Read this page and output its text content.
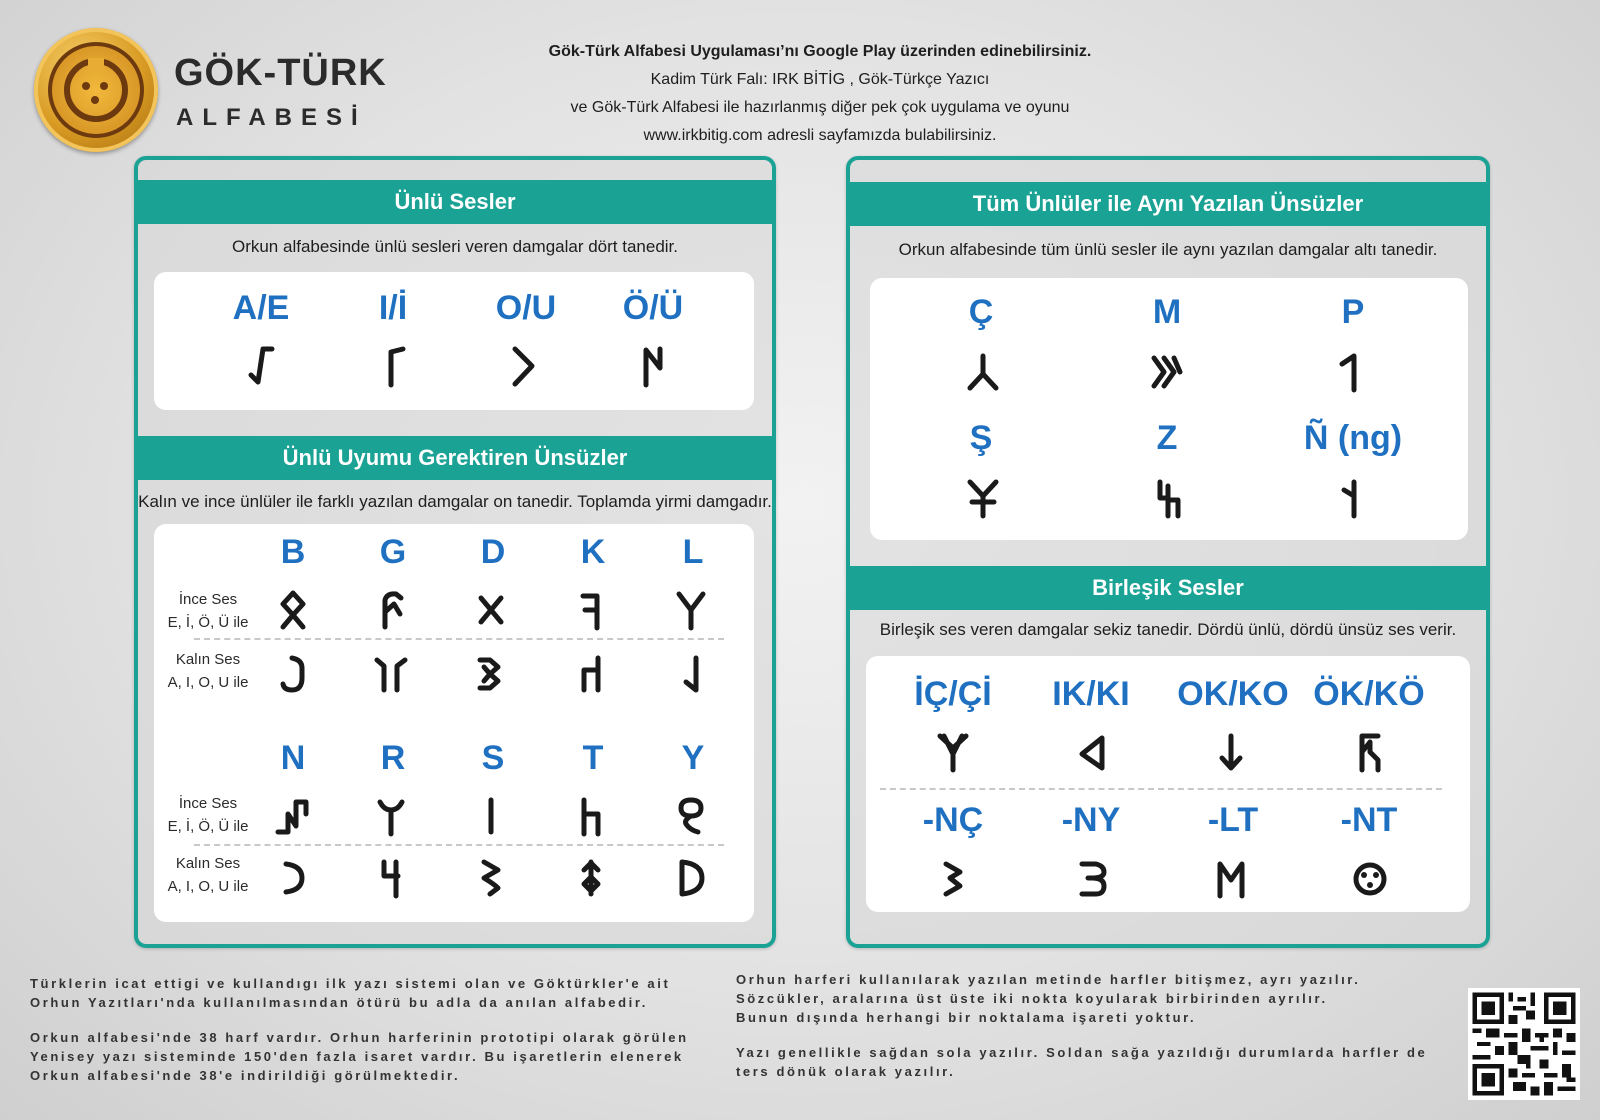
GÖK-TÜRK
ALFABESİ
Gök-Türk Alfabesi Uygulaması’nı Google Play üzerinden edinebilirsiniz.
Kadim Türk Falı: IRK BİTİG , Gök-Türkçe Yazıcı
ve Gök-Türk Alfabesi ile hazırlanmış diğer pek çok uygulama ve oyunu
www.irkbitig.com adresli sayfamızda bulabilirsiniz.
Ünlü Sesler
Orkun alfabesinde ünlü sesleri veren damgalar dört tanedir.
A/E	I/İ	O/U	Ö/Ü
Ünlü Uyumu Gerektiren Ünsüzler
Kalın ve ince ünlüler ile farklı yazılan damgalar on tanedir. Toplamda yirmi damgadır.
B	G	D	K	L
İnce Ses
E, İ, Ö, Ü ile
Kalın Ses
A, I, O, U ile
N	R	S	T	Y
İnce Ses
E, İ, Ö, Ü ile
Kalın Ses
A, I, O, U ile
Tüm Ünlüler ile Aynı Yazılan Ünsüzler
Orkun alfabesinde tüm ünlü sesler ile aynı yazılan damgalar altı tanedir.
Ç	M	P
Ş	Z	Ñ (ng)
Birleşik Sesler
Birleşik ses veren damgalar sekiz tanedir. Dördü ünlü, dördü ünsüz ses verir.
İÇ/Çİ	IK/KI	OK/KO ÖK/KÖ
-NÇ	-NY	-LT	-NT
Türklerin icat ettigi ve kullandıgı ilk yazı sistemi olan ve Göktürkler'e ait
Orhun Yazıtları'nda kullanılmasından ötürü bu adla da anılan alfabedir.
Orkun alfabesi'nde 38 harf vardır. Orhun harferinin prototipi olarak görülen
Yenisey yazı sisteminde 150'den fazla isaret vardır. Bu işaretlerin elenerek
Orkun alfabesi'nde 38'e indirildiği görülmektedir.
Orhun harferi kullanılarak yazılan metinde harfler bitişmez, ayrı yazılır.
Sözcükler, aralarına üst üste iki nokta koyularak birbirinden ayrılır.
Bunun dışında herhangi bir noktalama işareti yoktur.
Yazı genellikle sağdan sola yazılır. Soldan sağa yazıldığı durumlarda harfler de
ters dönük olarak yazılır.
